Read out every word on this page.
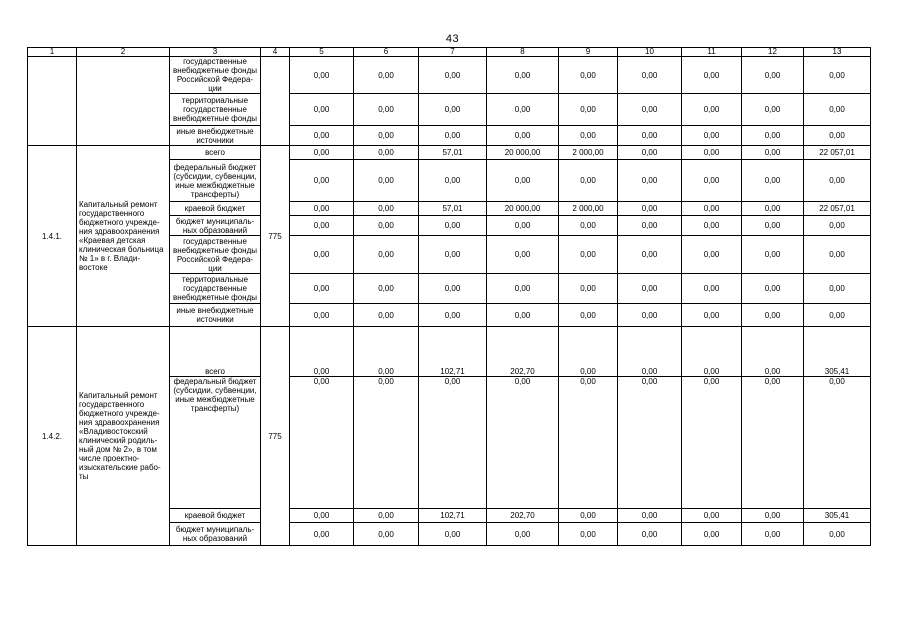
43
1	2	3	4	5	6	7	8	9	10	11	12	13
		государственные внебюджетные фонды Российской Федера-ции		0,00	0,00	0,00	0,00	0,00	0,00	0,00	0,00	0,00
		территориальные государственные внебюджетные фонды		0,00	0,00	0,00	0,00	0,00	0,00	0,00	0,00	0,00
		иные внебюджетные источники		0,00	0,00	0,00	0,00	0,00	0,00	0,00	0,00	0,00
1.4.1.	Капитальный ремонт государственного бюджетного учрежде-ния здравоохранения «Краевая детская клиническая больница № 1» в г. Влади-востоке	всего	775	0,00	0,00	57,01	20 000,00	2 000,00	0,00	0,00	0,00	22 057,01
		федеральный бюджет (субсидии, субвенции, иные межбюджетные трансферты)		0,00	0,00	0,00	0,00	0,00	0,00	0,00	0,00	0,00
		краевой бюджет		0,00	0,00	57,01	20 000,00	2 000,00	0,00	0,00	0,00	22 057,01
		бюджет муниципаль-ных образований		0,00	0,00	0,00	0,00	0,00	0,00	0,00	0,00	0,00
		государственные внебюджетные фонды Российской Федера-ции		0,00	0,00	0,00	0,00	0,00	0,00	0,00	0,00	0,00
		территориальные государственные внебюджетные фонды		0,00	0,00	0,00	0,00	0,00	0,00	0,00	0,00	0,00
		иные внебюджетные источники		0,00	0,00	0,00	0,00	0,00	0,00	0,00	0,00	0,00
1.4.2.	Капитальный ремонт государственного бюджетного учрежде-ния здравоохранения «Владивостокский клинический родиль-ный дом № 2», в том числе проектно-изыскательские рабо-ты	всего	775	0,00	0,00	102,71	202,70	0,00	0,00	0,00	0,00	305,41
		федеральный бюджет (субсидии, субвенции, иные межбюджетные трансферты)		0,00	0,00	0,00	0,00	0,00	0,00	0,00	0,00	0,00
		краевой бюджет		0,00	0,00	102,71	202,70	0,00	0,00	0,00	0,00	305,41
		бюджет муниципаль-ных образований		0,00	0,00	0,00	0,00	0,00	0,00	0,00	0,00	0,00
